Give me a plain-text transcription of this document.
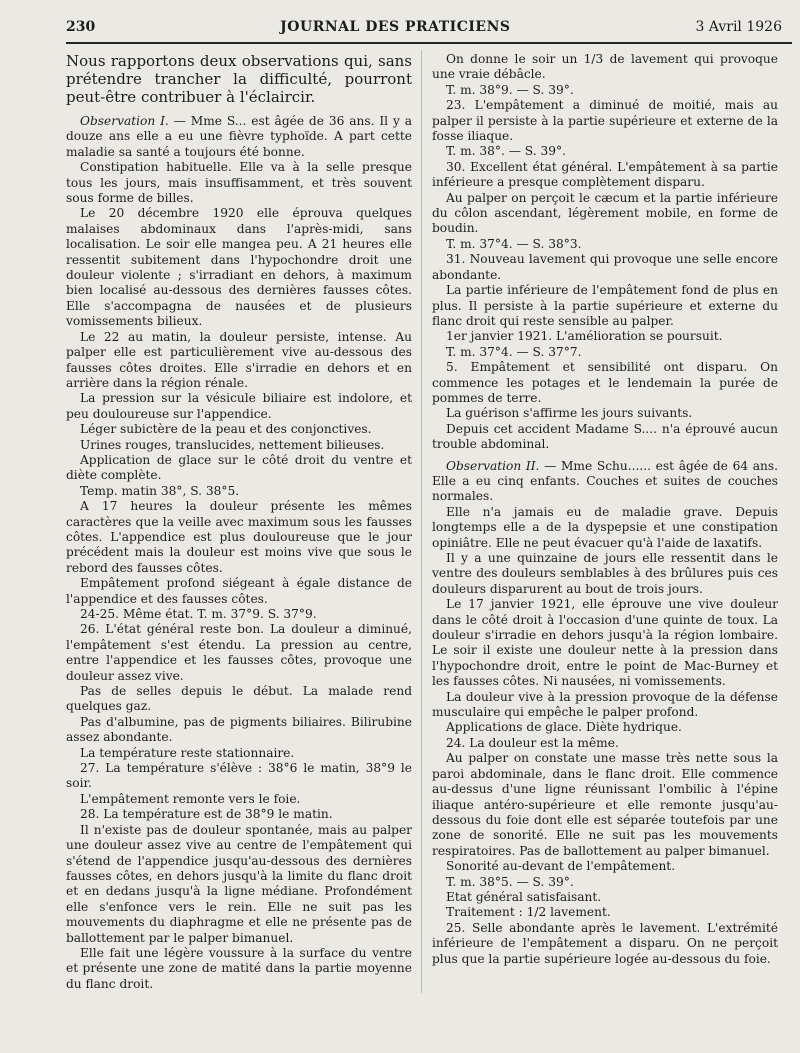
230	JOURNAL DES PRATICIENS	3 Avril 1926

Nous rapportons deux observations qui, sans prétendre trancher la difficulté, pourront peut-être contribuer à l'éclaircir.

Observation I. — Mme S... est âgée de 36 ans. Il y a douze ans elle a eu une fièvre typhoïde. A part cette maladie sa santé a toujours été bonne.

Constipation habituelle. Elle va à la selle presque tous les jours, mais insuffisamment, et très souvent sous forme de billes.

Le 20 décembre 1920 elle éprouva quelques malaises abdominaux dans l'après-midi, sans localisation. Le soir elle mangea peu. A 21 heures elle ressentit subitement dans l'hypochondre droit une douleur violente ; s'irradiant en dehors, à maximum bien localisé au-dessous des dernières fausses côtes. Elle s'accompagna de nausées et de plusieurs vomissements bilieux.

Le 22 au matin, la douleur persiste, intense. Au palper elle est particulièrement vive au-dessous des fausses côtes droites. Elle s'irradie en dehors et en arrière dans la région rénale.

La pression sur la vésicule biliaire est indolore, et peu douloureuse sur l'appendice.

Léger subictère de la peau et des conjonctives.

Urines rouges, translucides, nettement bilieuses.

Application de glace sur le côté droit du ventre et diète complète.

Temp. matin 38°, S. 38°5.

A 17 heures la douleur présente les mêmes caractères que la veille avec maximum sous les fausses côtes. L'appendice est plus douloureuse que le jour précédent mais la douleur est moins vive que sous le rebord des fausses côtes.

Empâtement profond siégeant à égale distance de l'appendice et des fausses côtes.

24-25. Même état. T. m. 37°9. S. 37°9.

26. L'état général reste bon. La douleur a diminué, l'empâtement s'est étendu. La pression au centre, entre l'appendice et les fausses côtes, provoque une douleur assez vive.

Pas de selles depuis le début. La malade rend quelques gaz.

Pas d'albumine, pas de pigments biliaires. Bilirubine assez abondante.

La température reste stationnaire.

27. La température s'élève : 38°6 le matin, 38°9 le soir.

L'empâtement remonte vers le foie.

28. La température est de 38°9 le matin.

Il n'existe pas de douleur spontanée, mais au palper une douleur assez vive au centre de l'empâtement qui s'étend de l'appendice jusqu'au-dessous des dernières fausses côtes, en dehors jusqu'à la limite du flanc droit et en dedans jusqu'à la ligne médiane. Profondément elle s'enfonce vers le rein. Elle ne suit pas les mouvements du diaphragme et elle ne présente pas de ballottement par le palper bimanuel.

Elle fait une légère voussure à la surface du ventre et présente une zone de matité dans la partie moyenne du flanc droit.

On donne le soir un 1/3 de lavement qui provoque une vraie débâcle.

T. m. 38°9. — S. 39°.

23. L'empâtement a diminué de moitié, mais au palper il persiste à la partie supérieure et externe de la fosse iliaque.

T. m. 38°. — S. 39°.

30. Excellent état général. L'empâtement à sa partie inférieure a presque complètement disparu.

Au palper on perçoit le cæcum et la partie inférieure du côlon ascendant, légèrement mobile, en forme de boudin.

T. m. 37°4. — S. 38°3.

31. Nouveau lavement qui provoque une selle encore abondante.

La partie inférieure de l'empâtement fond de plus en plus. Il persiste à la partie supérieure et externe du flanc droit qui reste sensible au palper.

1er janvier 1921. L'amélioration se poursuit.

T. m. 37°4. — S. 37°7.

5. Empâtement et sensibilité ont disparu. On commence les potages et le lendemain la purée de pommes de terre.

La guérison s'affirme les jours suivants.

Depuis cet accident Madame S.... n'a éprouvé aucun trouble abdominal.

Observation II. — Mme Schu...... est âgée de 64 ans. Elle a eu cinq enfants. Couches et suites de couches normales.

Elle n'a jamais eu de maladie grave. Depuis longtemps elle a de la dyspepsie et une constipation opiniâtre. Elle ne peut évacuer qu'à l'aide de laxatifs.

Il y a une quinzaine de jours elle ressentit dans le ventre des douleurs semblables à des brûlures puis ces douleurs disparurent au bout de trois jours.

Le 17 janvier 1921, elle éprouve une vive douleur dans le côté droit à l'occasion d'une quinte de toux. La douleur s'irradie en dehors jusqu'à la région lombaire. Le soir il existe une douleur nette à la pression dans l'hypochondre droit, entre le point de Mac-Burney et les fausses côtes. Ni nausées, ni vomissements.

La douleur vive à la pression provoque de la défense musculaire qui empêche le palper profond.

Applications de glace. Diète hydrique.

24. La douleur est la même.

Au palper on constate une masse très nette sous la paroi abdominale, dans le flanc droit. Elle commence au-dessus d'une ligne réunissant l'ombilic à l'épine iliaque antéro-supérieure et elle remonte jusqu'au-dessous du foie dont elle est séparée toutefois par une zone de sonorité. Elle ne suit pas les mouvements respiratoires. Pas de ballottement au palper bimanuel.

Sonorité au-devant de l'empâtement.

T. m. 38°5. — S. 39°.

Etat général satisfaisant.

Traitement : 1/2 lavement.

25. Selle abondante après le lavement. L'extrémité inférieure de l'empâtement a disparu. On ne perçoit plus que la partie supérieure logée au-dessous du foie.
